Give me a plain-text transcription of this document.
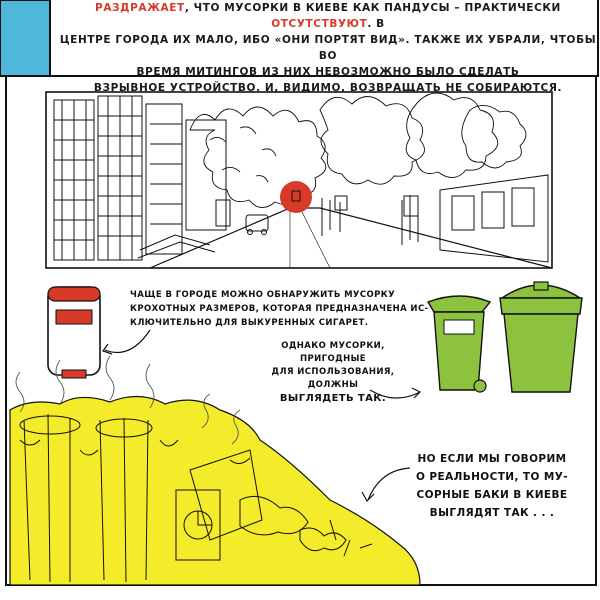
РАЗДРАЖАЕТ, ЧТО МУСОРКИ В КИЕВЕ КАК ПАНДУСЫ – ПРАКТИЧЕСКИ ОТСУТСТВУЮТ. В
ЦЕНТРЕ ГОРОДА ИХ МАЛО, ИБО «ОНИ ПОРТЯТ ВИД». ТАКЖЕ ИХ УБРАЛИ, ЧТОБЫ ВО
ВРЕМЯ МИТИНГОВ ИЗ НИХ НЕВОЗМОЖНО БЫЛО СДЕЛАТЬ
ВЗРЫВНОЕ УСТРОЙСТВО. И, ВИДИМО, ВОЗВРАЩАТЬ НЕ СОБИРАЮТСЯ.
ЧАЩЕ В ГОРОДЕ МОЖНО ОБНАРУЖИТЬ МУСОРКУ
КРОХОТНЫХ РАЗМЕРОВ, КОТОРАЯ ПРЕДНАЗНАЧЕНА ИС-
КЛЮЧИТЕЛЬНО ДЛЯ ВЫКУРЕННЫХ СИГАРЕТ.
ОДНАКО МУСОРКИ, ПРИГОДНЫЕ
ДЛЯ ИСПОЛЬЗОВАНИЯ, ДОЛЖНЫ
ВЫГЛЯДЕТЬ ТАК.
НО ЕСЛИ МЫ ГОВОРИМ
О РЕАЛЬНОСТИ, ТО МУ-
СОРНЫЕ БАКИ В КИЕВЕ
ВЫГЛЯДЯТ ТАК . . .
